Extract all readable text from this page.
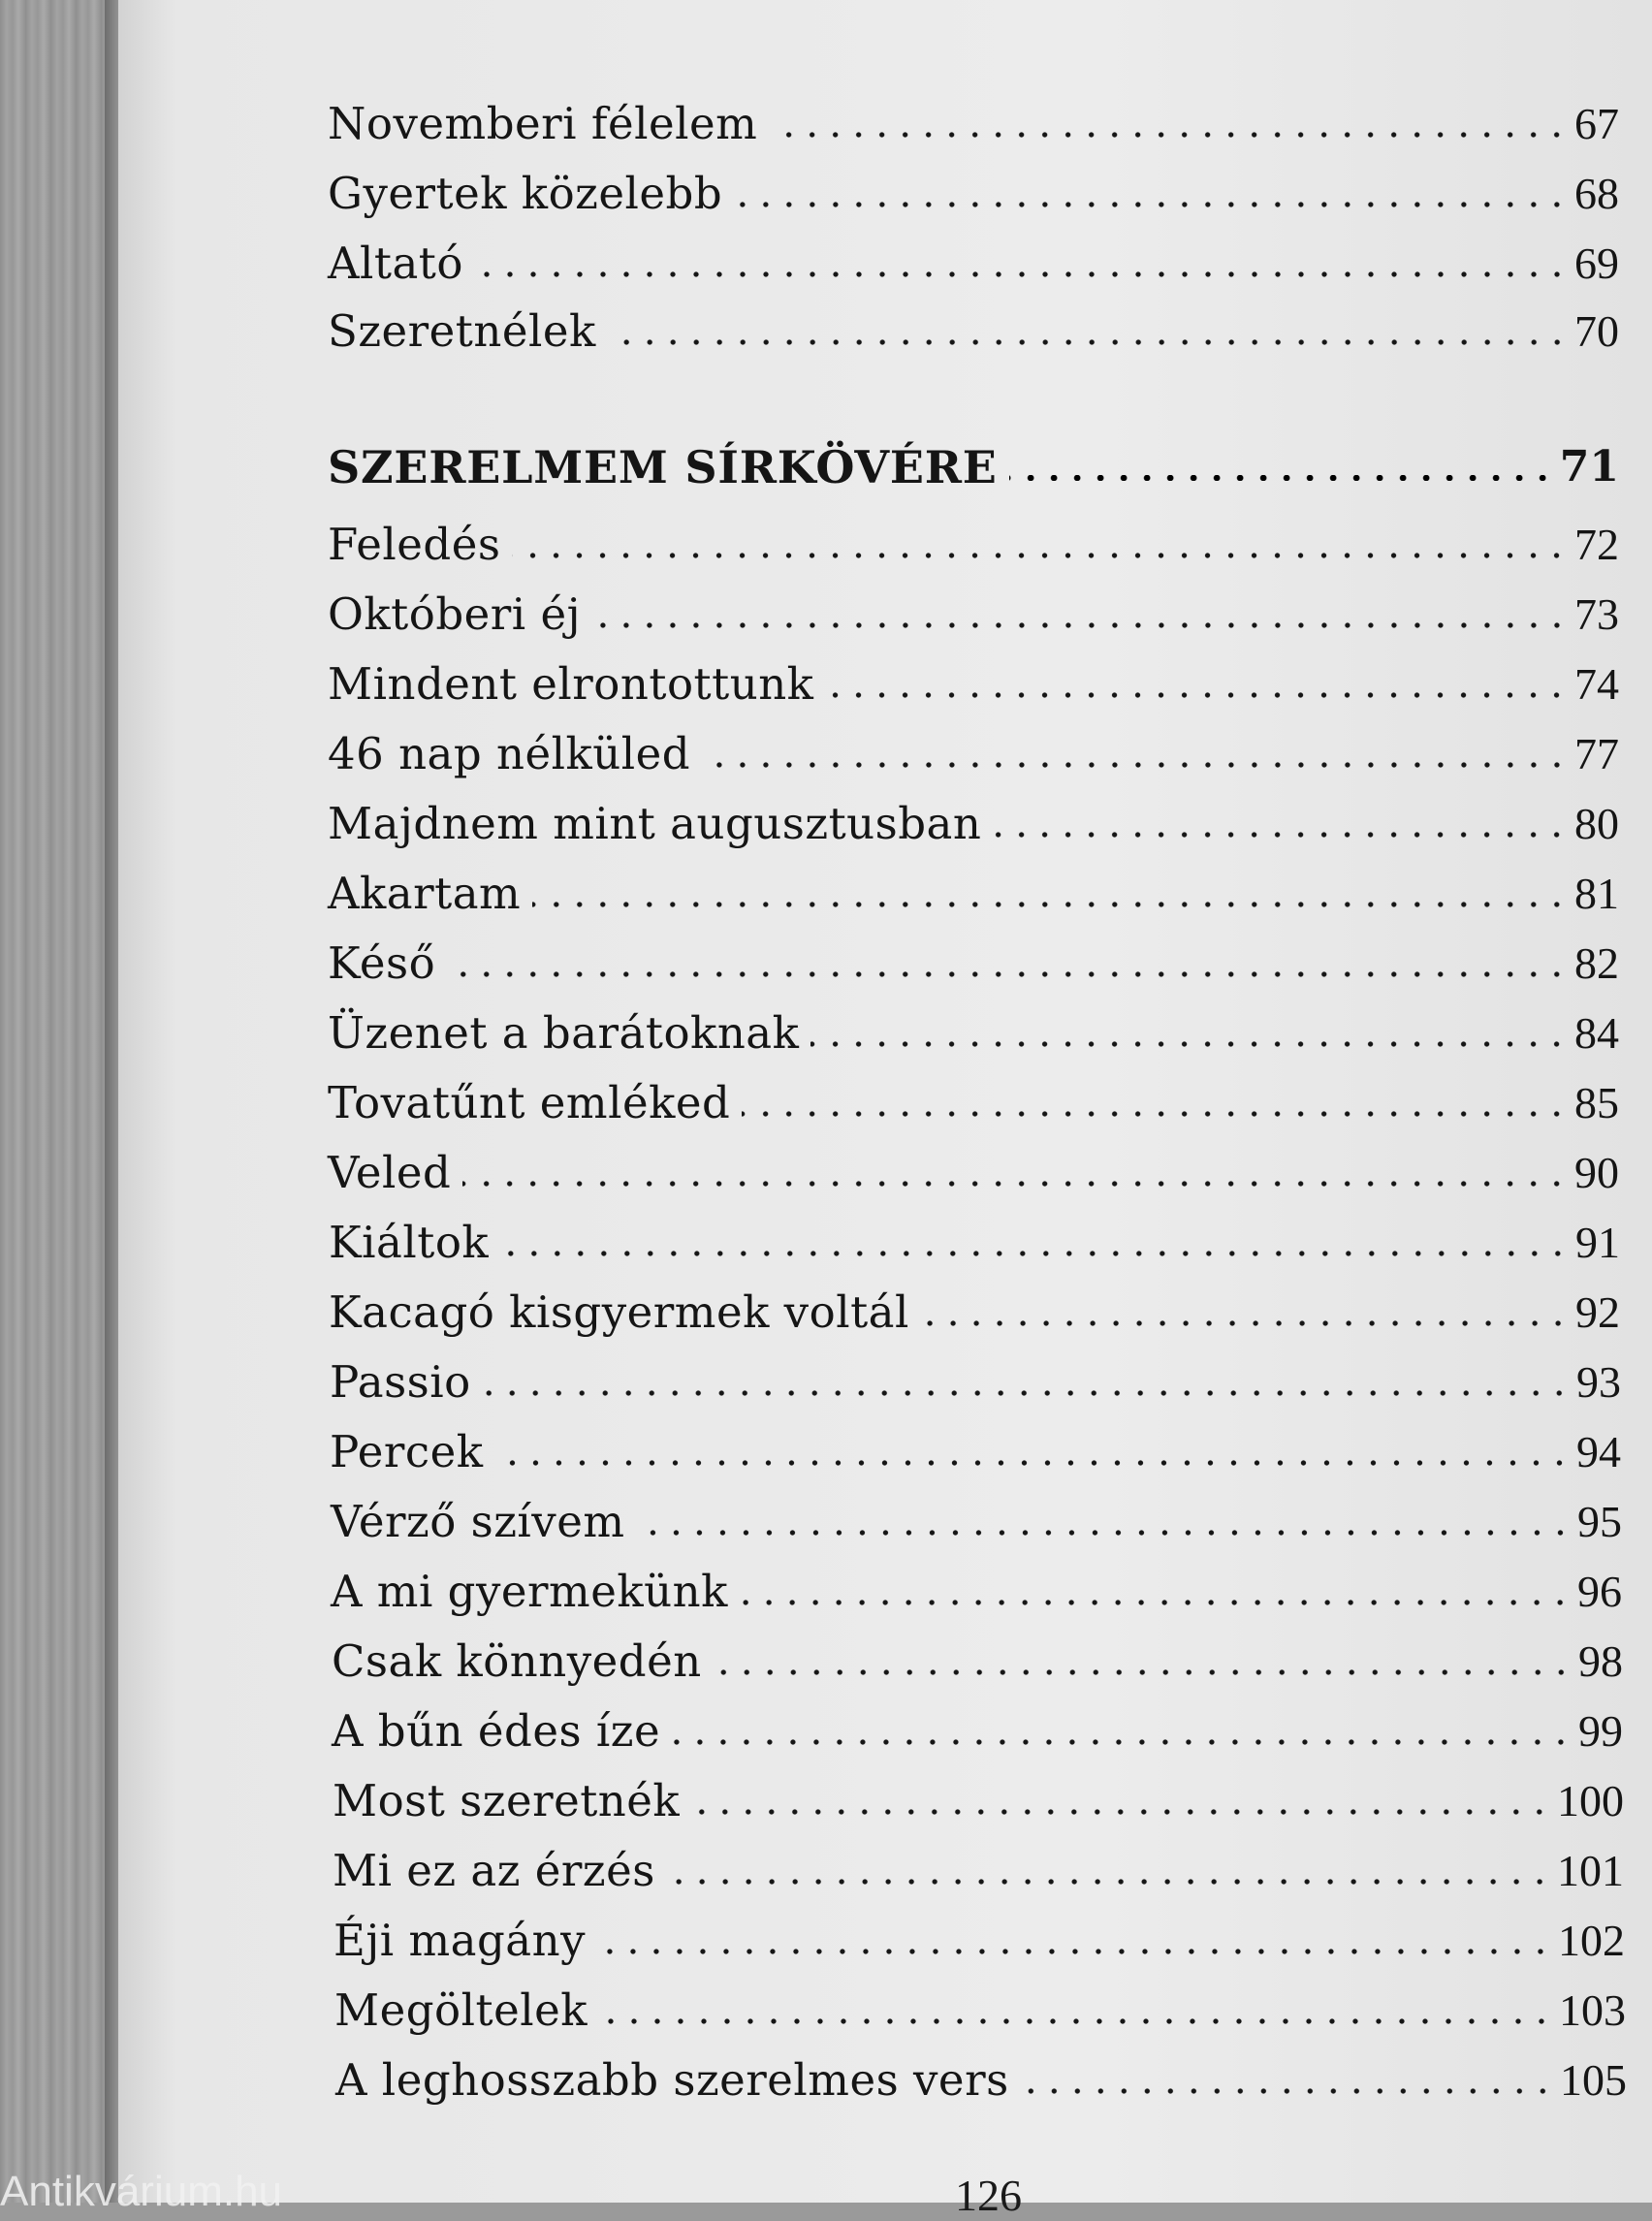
Novemberi félelem	67
Gyertek közelebb	68
Altató	69
Szeretnélek	70
SZERELMEM SÍRKÖVÉRE	71
Feledés	72
Októberi éj	73
Mindent elrontottunk	74
46 nap nélküled	77
Majdnem mint augusztusban	80
Akartam	81
Késő	82
Üzenet a barátoknak	84
Tovatűnt emléked	85
Veled	90
Kiáltok	91
Kacagó kisgyermek voltál	92
Passio	93
Percek	94
Vérző szívem	95
A mi gyermekünk	96
Csak könnyedén	98
A bűn édes íze	99
Most szeretnék	100
Mi ez az érzés	101
Éji magány	102
Megöltelek	103
A leghosszabb szerelmes vers	105
126
Antikvárium.hu
